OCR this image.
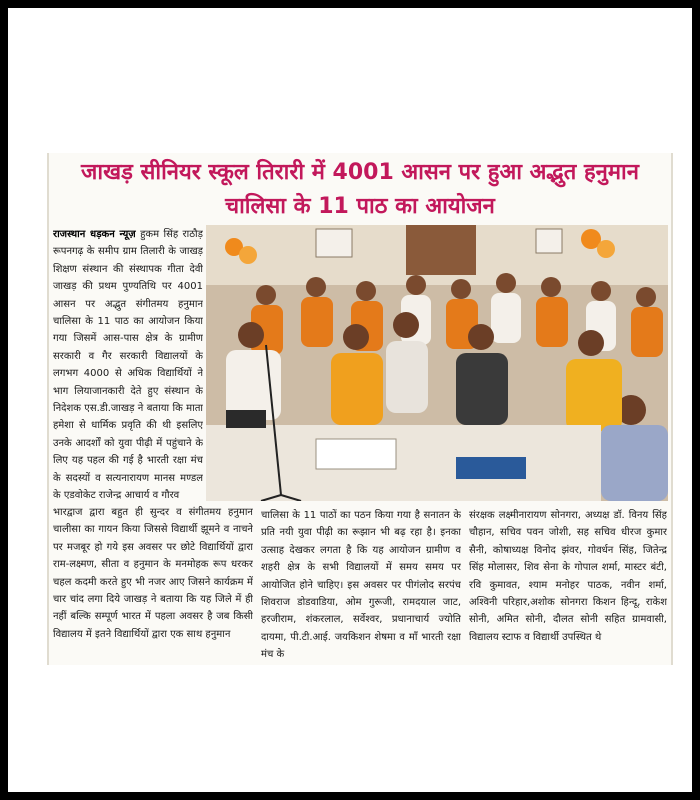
जाखड़ सीनियर स्कूल तिरारी में 4001 आसन पर हुआ अद्भुत हनुमान
चालिसा के 11 पाठ का आयोजन
राजस्थान धड़कन न्यूज़ हुकम सिंह राठौड़ रूपनगढ़ के समीप ग्राम तिलारी के जाखड़ शिक्षण संस्थान की संस्थापक गीता देवी जाखड़ की प्रथम पुण्यतिथि पर 4001 आसन पर अद्भुत संगीतमय हनुमान चालिसा के 11 पाठ का आयोजन किया गया जिसमें आस-पास क्षेत्र के ग्रामीण सरकारी व गैर सरकारी विद्यालयों के लगभग 4000 से अधिक विद्यार्थियों ने भाग लियाजानकारी देते हुए संस्थान के निदेशक एस.डी.जाखड़ ने बताया कि माता हमेशा से धार्मिक प्रवृति की थी इसलिए उनके आदर्शों को युवा पीढ़ी में पहुंचाने के लिए यह पहल की गई है भारती रक्षा मंच के सदस्यों व सत्यनारायण मानस मण्डल के एडवोकेट राजेन्द्र आचार्य व गौरव
भारद्वाज द्वारा बहुत ही सुन्दर व संगीतमय हनुमान चालीसा का गायन किया जिससे विद्यार्थी झूमने व नाचने पर मजबूर हो गये इस अवसर पर छोटे विद्यार्थियों द्वारा राम-लक्ष्मण, सीता व हनुमान के मनमोहक रूप धरकर चहल कदमी करते हुए भी नजर आए जिसने कार्यक्रम में चार चांद लगा दिये जाखड़ ने बताया कि यह जिले में ही नहीं बल्कि सम्पूर्ण भारत में पहला अवसर है जब किसी विद्यालय में इतने विद्यार्थियों द्वारा एक साथ हनुमान
चालिसा के 11 पाठों का पठन किया गया है सनातन के प्रति नयी युवा पीढ़ी का रूझान भी बढ़ रहा है। इनका उत्साह देखकर लगता है कि यह आयोजन ग्रामीण व शहरी क्षेत्र के सभी विद्यालयों में समय समय पर आयोजित होने चाहिए। इस अवसर पर पीगंलोद सरपंच शिवराज डोडवाडिया, ओम गुरूजी, रामदयाल जाट, हरजीराम, शंकरलाल, सर्वेश्वर, प्रधानाचार्य ज्योति दायमा, पी.टी.आई. जयकिशन शेषमा व माँ भारती रक्षा मंच के
संरक्षक लक्ष्मीनारायण सोनगरा, अध्यक्ष डॉ. विनय सिंह चौहान, सचिव पवन जोशी, सह सचिव धीरज कुमार सैनी, कोषाध्यक्ष विनोद झंवर, गोवर्धन सिंह, जितेन्द्र सिंह मोलासर, शिव सेना के गोपाल शर्मा, मास्टर बंटी, रवि कुमावत, श्याम मनोहर पाठक, नवीन शर्मा, अश्विनी परिहार,अशोक सोनगरा किशन हिन्दू, राकेश सोनी, अमित सोनी, दौलत सोनी सहित ग्रामवासी, विद्यालय स्टाफ व विद्यार्थी उपस्थित थे
